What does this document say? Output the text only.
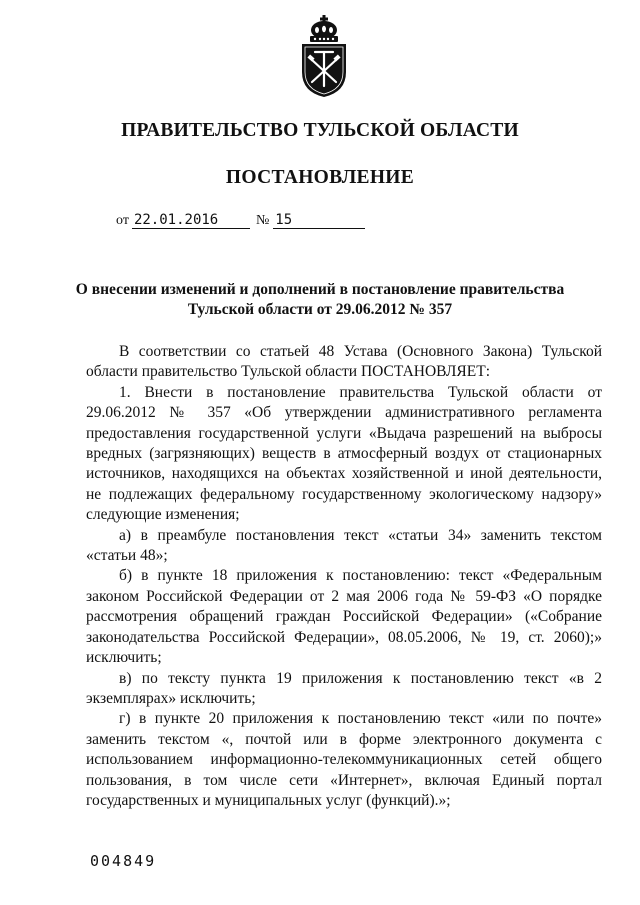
ПРАВИТЕЛЬСТВО ТУЛЬСКОЙ ОБЛАСТИ
ПОСТАНОВЛЕНИЕ
от 22.01.2016	№ 15
О внесении изменений и дополнений в постановление правительства
Тульской области от 29.06.2012 № 357

В соответствии со статьей 48 Устава (Основного Закона) Тульской области правительство Тульской области ПОСТАНОВЛЯЕТ:

1. Внести в постановление правительства Тульской области от 29.06.2012 № 357 «Об утверждении административного регламента предоставления государственной услуги «Выдача разрешений на выбросы вредных (загрязняющих) веществ в атмосферный воздух от стационарных источников, находящихся на объектах хозяйственной и иной деятельности, не подлежащих федеральному государственному экологическому надзору» следующие изменения;

а) в преамбуле постановления текст «статьи 34» заменить текстом «статьи 48»;

б) в пункте 18 приложения к постановлению: текст «Федеральным законом Российской Федерации от 2 мая 2006 года № 59-ФЗ «О порядке рассмотрения обращений граждан Российской Федерации» («Собрание законодательства Российской Федерации», 08.05.2006, № 19, ст. 2060);» исключить;

в) по тексту пункта 19 приложения к постановлению текст «в 2 экземплярах» исключить;

г) в пункте 20 приложения к постановлению текст «или по почте» заменить текстом «, почтой или в форме электронного документа с использованием информационно-телекоммуникационных сетей общего пользования, в том числе сети «Интернет», включая Единый портал государственных и муниципальных услуг (функций).»;

004849
